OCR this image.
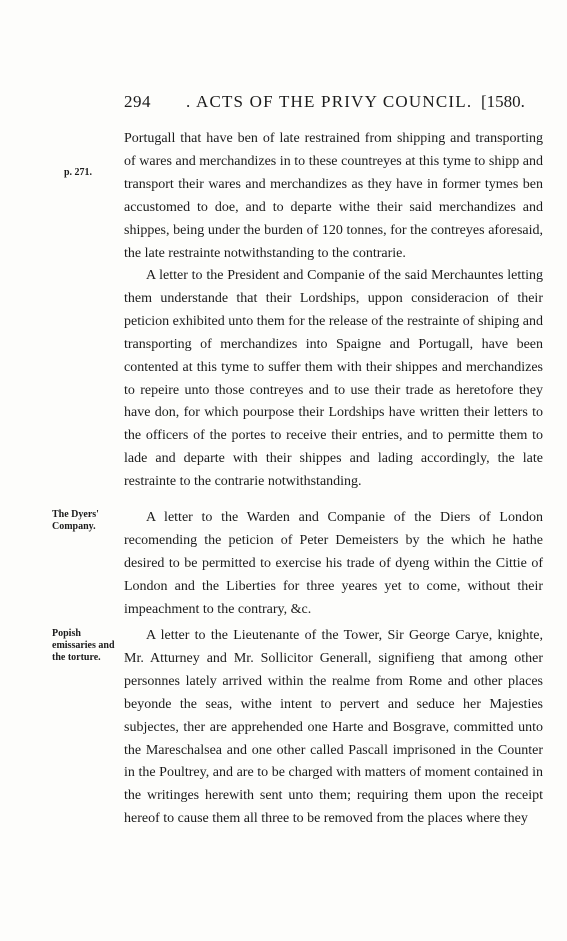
294 . ACTS OF THE PRIVY COUNCIL. [1580.
p. 271.
The Dyers' Company.
Popish emissaries and the torture.

Portugall that have ben of late restrained from shipping and transporting of wares and merchandizes in to these countreyes at this tyme to shipp and transport their wares and merchandizes as they have in former tymes ben accustomed to doe, and to departe withe their said merchandizes and shippes, being under the burden of 120 tonnes, for the contreyes aforesaid, the late restrainte notwithstanding to the contrarie.

A letter to the President and Companie of the said Merchauntes letting them understande that their Lordships, uppon consideracion of their peticion exhibited unto them for the release of the restrainte of shiping and transporting of merchandizes into Spaigne and Portugall, have been contented at this tyme to suffer them with their shippes and merchandizes to repeire unto those contreyes and to use their trade as heretofore they have don, for which pourpose their Lordships have written their letters to the officers of the portes to receive their entries, and to permitte them to lade and departe with their shippes and lading accordingly, the late restrainte to the contrarie notwithstanding.

A letter to the Warden and Companie of the Diers of London recomending the peticion of Peter Demeisters by the which he hathe desired to be permitted to exercise his trade of dyeng within the Cittie of London and the Liberties for three yeares yet to come, without their impeachment to the contrary, &c.

A letter to the Lieutenante of the Tower, Sir George Carye, knighte, Mr. Atturney and Mr. Sollicitor Generall, signifieng that among other personnes lately arrived within the realme from Rome and other places beyonde the seas, withe intent to pervert and seduce her Majesties subjectes, ther are apprehended one Harte and Bosgrave, committed unto the Mareschalsea and one other called Pascall imprisoned in the Counter in the Poultrey, and are to be charged with matters of moment contained in the writinges herewith sent unto them; requiring them upon the receipt hereof to cause them all three to be removed from the places where they
